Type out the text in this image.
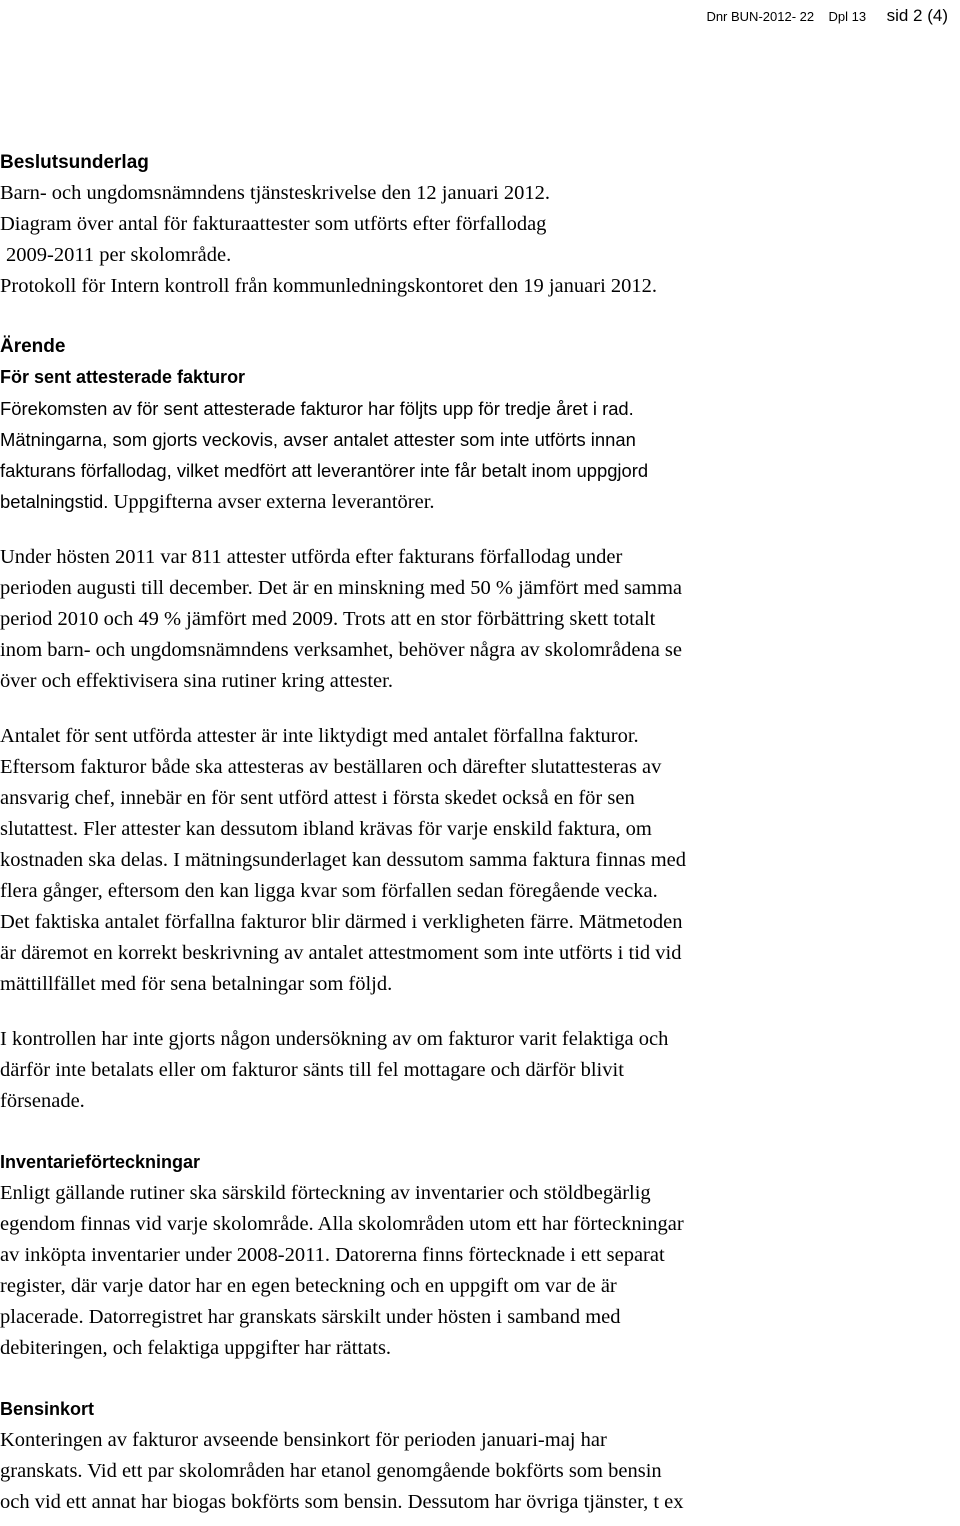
Dnr BUN-2012- 22 Dpl 13 sid 2 (4)
Beslutsunderlag
Barn- och ungdomsnämndens tjänsteskrivelse den 12 januari 2012.
Diagram över antal för fakturaattester som utförts efter förfallodag
2009-2011 per skolområde.
Protokoll för Intern kontroll från kommunledningskontoret den 19 januari 2012.
Ärende
För sent attesterade fakturor
Förekomsten av för sent attesterade fakturor har följts upp för tredje året i rad.
Mätningarna, som gjorts veckovis, avser antalet attester som inte utförts innan
fakturans förfallodag, vilket medfört att leverantörer inte får betalt inom uppgjord
betalningstid. Uppgifterna avser externa leverantörer.
Under hösten 2011 var 811 attester utförda efter fakturans förfallodag under
perioden augusti till december. Det är en minskning med 50 % jämfört med samma
period 2010 och 49 % jämfört med 2009. Trots att en stor förbättring skett totalt
inom barn- och ungdomsnämndens verksamhet, behöver några av skolområdena se
över och effektivisera sina rutiner kring attester.
Antalet för sent utförda attester är inte liktydigt med antalet förfallna fakturor.
Eftersom fakturor både ska attesteras av beställaren och därefter slutattesteras av
ansvarig chef, innebär en för sent utförd attest i första skedet också en för sen
slutattest. Fler attester kan dessutom ibland krävas för varje enskild faktura, om
kostnaden ska delas. I mätningsunderlaget kan dessutom samma faktura finnas med
flera gånger, eftersom den kan ligga kvar som förfallen sedan föregående vecka.
Det faktiska antalet förfallna fakturor blir därmed i verkligheten färre. Mätmetoden
är däremot en korrekt beskrivning av antalet attestmoment som inte utförts i tid vid
mättillfället med för sena betalningar som följd.
I kontrollen har inte gjorts någon undersökning av om fakturor varit felaktiga och
därför inte betalats eller om fakturor sänts till fel mottagare och därför blivit
försenade.
Inventarieförteckningar
Enligt gällande rutiner ska särskild förteckning av inventarier och stöldbegärlig
egendom finnas vid varje skolområde. Alla skolområden utom ett har förteckningar
av inköpta inventarier under 2008-2011. Datorerna finns förtecknade i ett separat
register, där varje dator har en egen beteckning och en uppgift om var de är
placerade. Datorregistret har granskats särskilt under hösten i samband med
debiteringen, och felaktiga uppgifter har rättats.
Bensinkort
Konteringen av fakturor avseende bensinkort för perioden januari-maj har
granskats. Vid ett par skolområden har etanol genomgående bokförts som bensin
och vid ett annat har biogas bokförts som bensin. Dessutom har övriga tjänster, t ex
